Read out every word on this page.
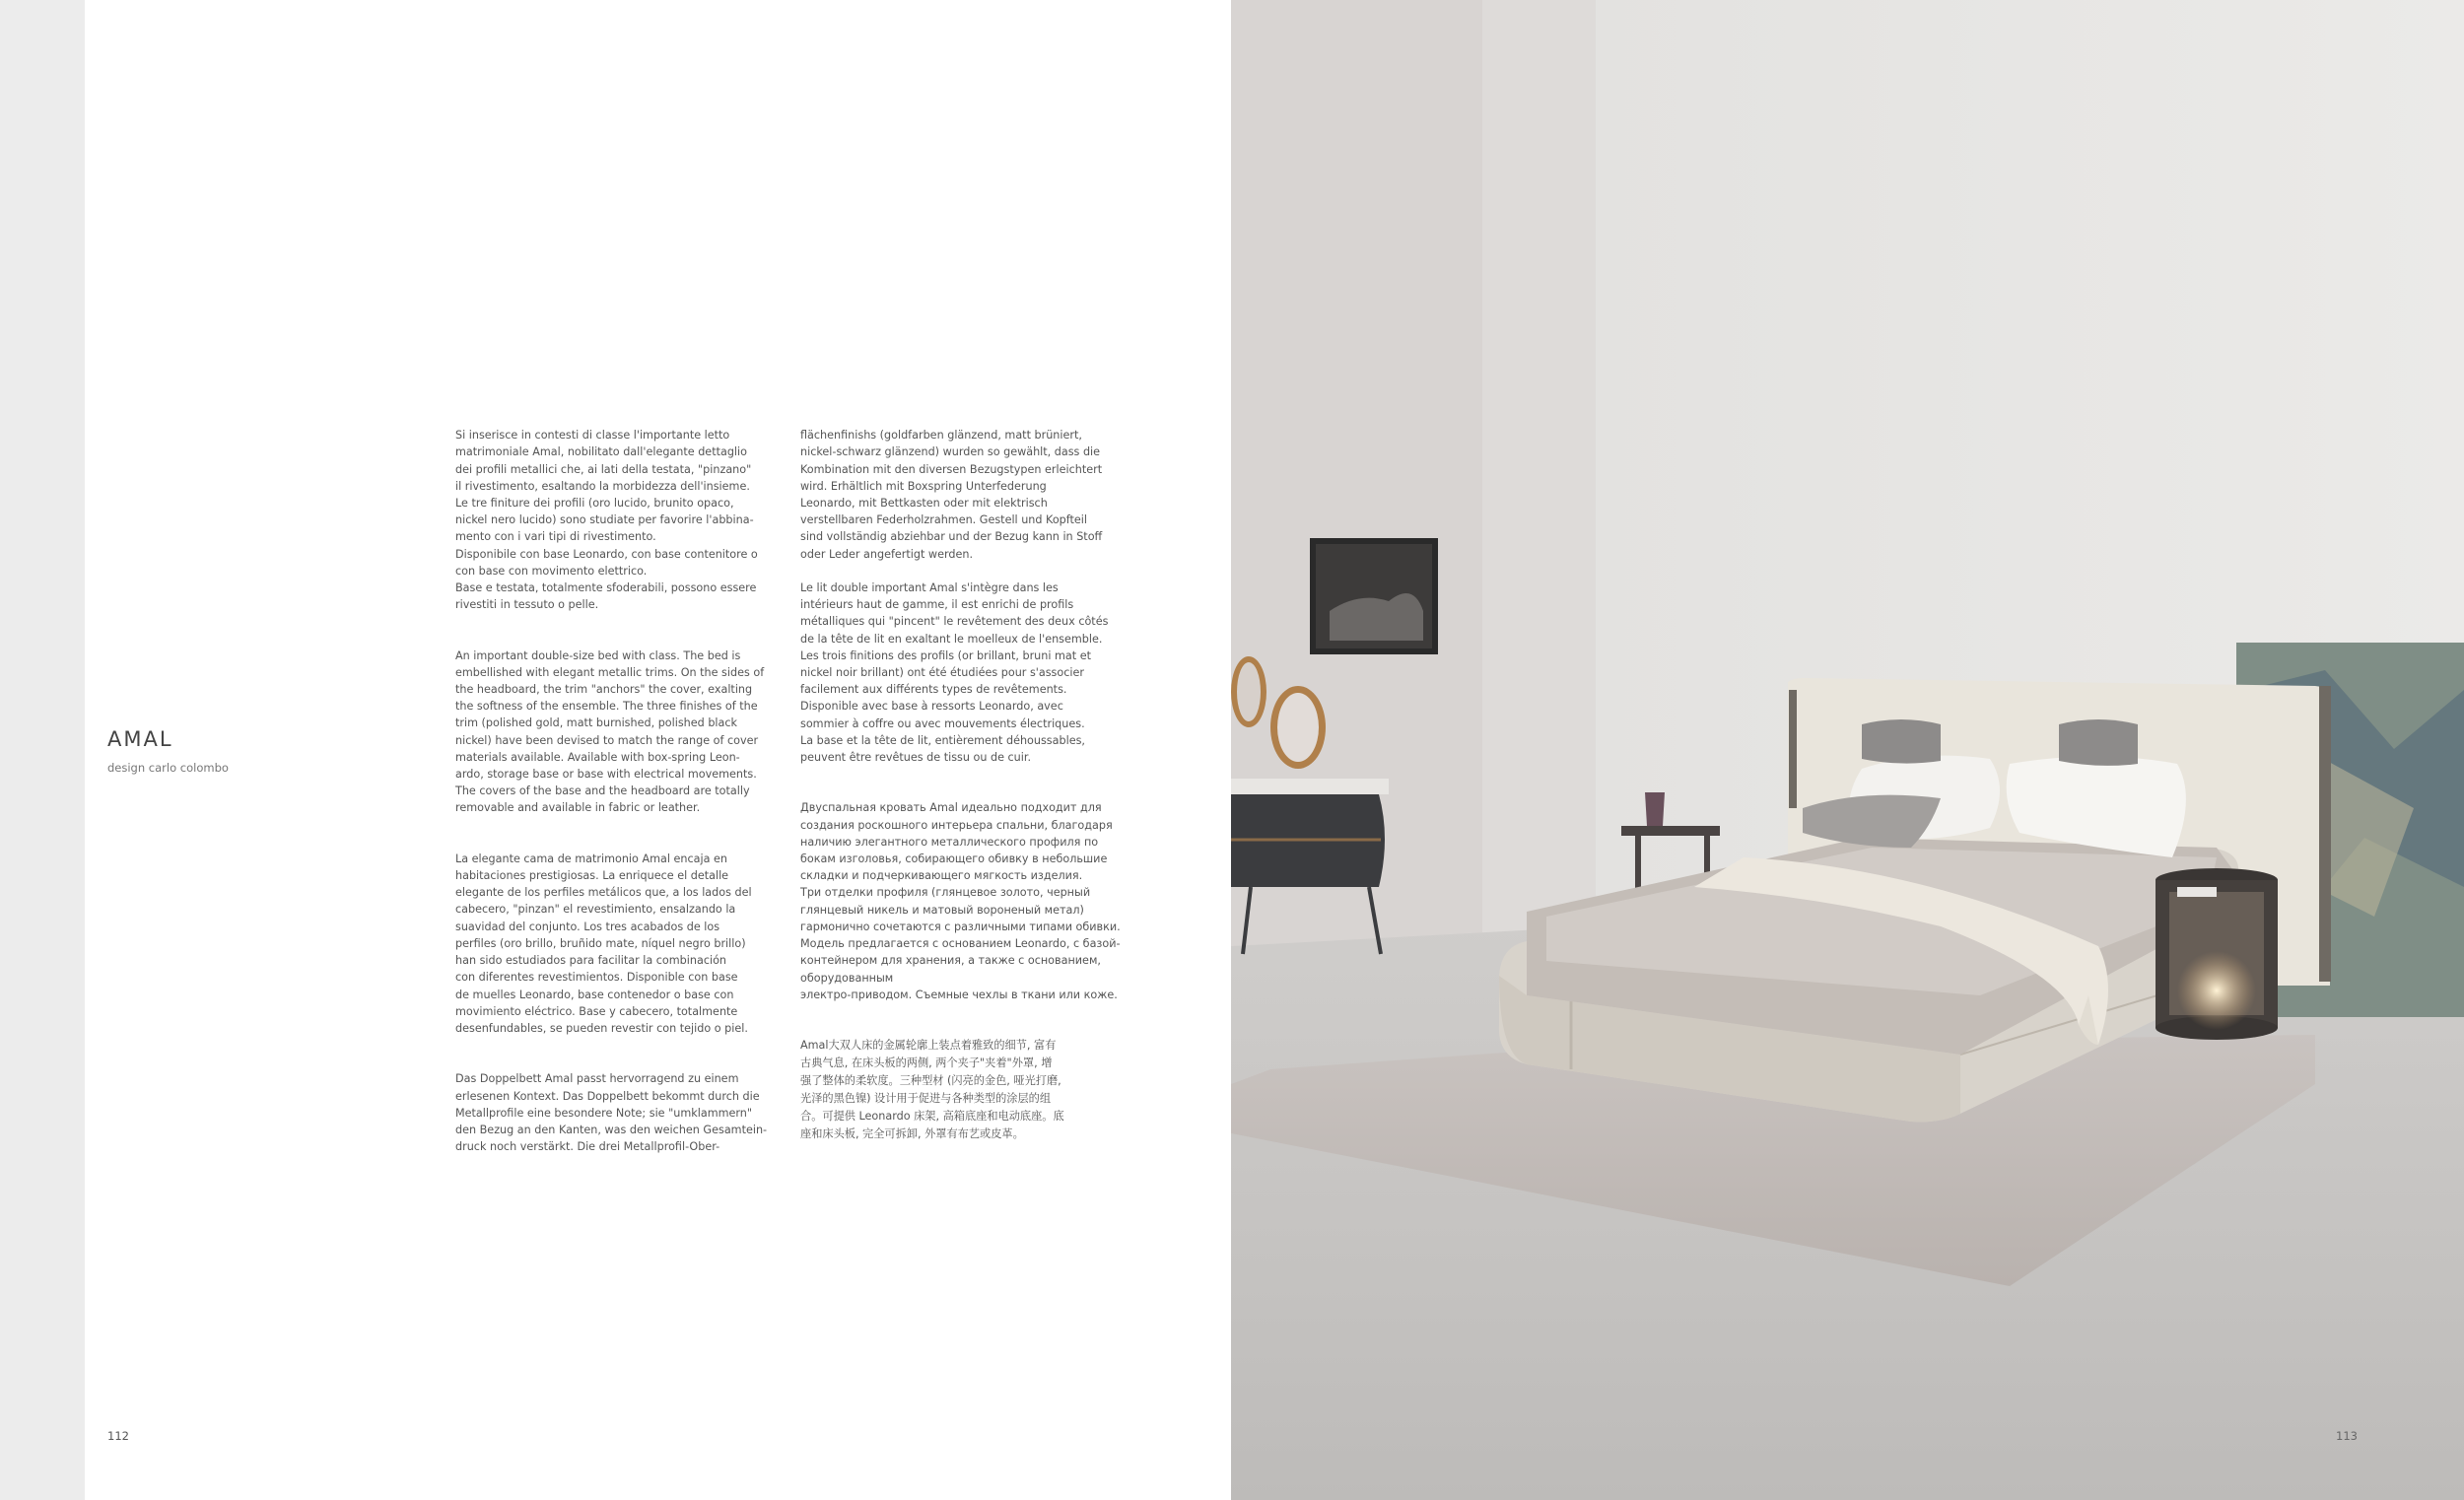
AMAL
design carlo colombo

Si inserisce in contesti di classe l'importante letto
matrimoniale Amal, nobilitato dall'elegante dettaglio
dei profili metallici che, ai lati della testata, "pinzano"
il rivestimento, esaltando la morbidezza dell'insieme.
Le tre finiture dei profili (oro lucido, brunito opaco,
nickel nero lucido) sono studiate per favorire l'abbina-
mento con i vari tipi di rivestimento.
Disponibile con base Leonardo, con base contenitore o
con base con movimento elettrico.
Base e testata, totalmente sfoderabili, possono essere
rivestiti in tessuto o pelle.

An important double-size bed with class. The bed is
embellished with elegant metallic trims. On the sides of
the headboard, the trim "anchors" the cover, exalting
the softness of the ensemble. The three finishes of the
trim (polished gold, matt burnished, polished black
nickel) have been devised to match the range of cover
materials available. Available with box-spring Leon-
ardo, storage base or base with electrical movements.
The covers of the base and the headboard are totally
removable and available in fabric or leather.

La elegante cama de matrimonio Amal encaja en
habitaciones prestigiosas. La enriquece el detalle
elegante de los perfiles metálicos que, a los lados del
cabecero, "pinzan" el revestimiento, ensalzando la
suavidad del conjunto. Los tres acabados de los
perfiles (oro brillo, bruñido mate, níquel negro brillo)
han sido estudiados para facilitar la combinación
con diferentes revestimientos. Disponible con base
de muelles Leonardo, base contenedor o base con
movimiento eléctrico. Base y cabecero, totalmente
desenfundables, se pueden revestir con tejido o piel.

Das Doppelbett Amal passt hervorragend zu einem
erlesenen Kontext. Das Doppelbett bekommt durch die
Metallprofile eine besondere Note; sie "umklammern"
den Bezug an den Kanten, was den weichen Gesamtein-
druck noch verstärkt. Die drei Metallprofil-Ober-

flächenfinishs (goldfarben glänzend, matt brüniert,
nickel-schwarz glänzend) wurden so gewählt, dass die
Kombination mit den diversen Bezugstypen erleichtert
wird. Erhältlich mit Boxspring Unterfederung
Leonardo, mit Bettkasten oder mit elektrisch
verstellbaren Federholzrahmen. Gestell und Kopfteil
sind vollständig abziehbar und der Bezug kann in Stoff
oder Leder angefertigt werden.

Le lit double important Amal s'intègre dans les
intérieurs haut de gamme, il est enrichi de profils
métalliques qui "pincent" le revêtement des deux côtés
de la tête de lit en exaltant le moelleux de l'ensemble.
Les trois finitions des profils (or brillant, bruni mat et
nickel noir brillant) ont été étudiées pour s'associer
facilement aux différents types de revêtements.
Disponible avec base à ressorts Leonardo, avec
sommier à coffre ou avec mouvements électriques.
La base et la tête de lit, entièrement déhoussables,
peuvent être revêtues de tissu ou de cuir.

Двуспальная кровать Amal идеально подходит для
создания роскошного интерьера спальни, благодаря
наличию элегантного металлического профиля по
бокам изголовья, собирающего обивку в небольшие
складки и подчеркивающего мягкость изделия.
Три отделки профиля (глянцевое золото, черный
глянцевый никель и матовый вороненый метал)
гармонично сочетаются с различными типами обивки.
Модель предлагается с основанием Leonardo, с базой-
контейнером для хранения, а также с основанием,
оборудованным
электро-приводом. Съемные чехлы в ткани или коже.

Amal大双人床的金属轮廓上装点着雅致的细节, 富有
古典气息, 在床头板的两侧, 两个夹子"夹着"外罩, 增
强了整体的柔软度。三种型材 (闪亮的金色, 哑光打磨,
光泽的黑色镍) 设计用于促进与各种类型的涂层的组
合。可提供 Leonardo 床架, 高箱底座和电动底座。底
座和床头板, 完全可拆卸, 外罩有布艺或皮革。

112	113
